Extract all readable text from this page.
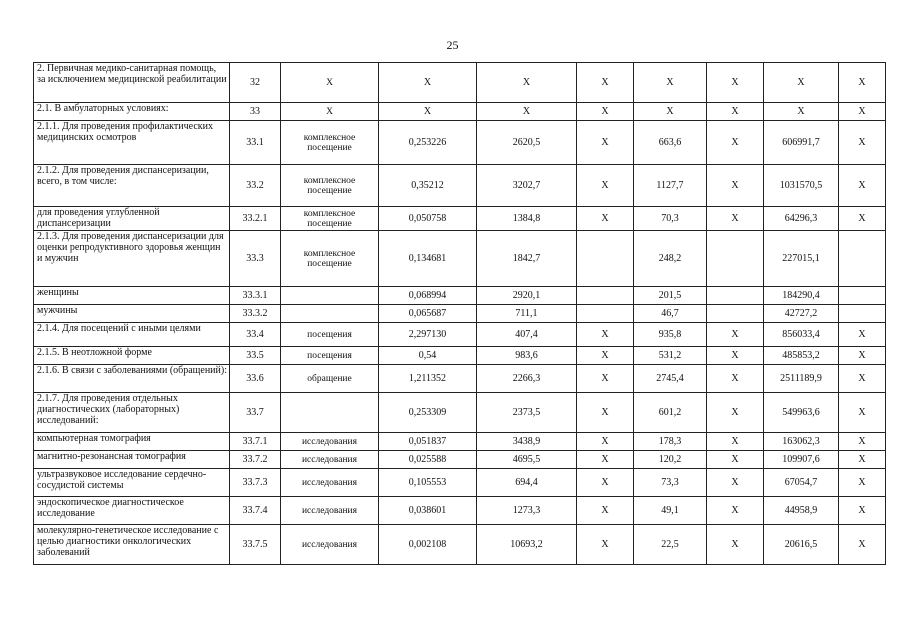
25
2. Первичная медико-санитарная помощь, за исключением медицинской реабилитации	32	Х	Х	Х	Х	Х	Х	Х	Х
2.1. В амбулаторных условиях:	33	Х	Х	Х	Х	Х	Х	Х	Х
2.1.1. Для проведения профилактических медицинских осмотров	33.1	комплексное посещение	0,253226	2620,5	Х	663,6	Х	606991,7	Х
2.1.2. Для проведения диспансеризации, всего, в том числе:	33.2	комплексное посещение	0,35212	3202,7	Х	1127,7	Х	1031570,5	Х
для проведения углубленной диспансеризации	33.2.1	комплексное посещение	0,050758	1384,8	Х	70,3	Х	64296,3	Х
2.1.3. Для проведения диспансеризации для оценки репродуктивного здоровья женщин и мужчин	33.3	комплексное посещение	0,134681	1842,7		248,2		227015,1	
женщины	33.3.1		0,068994	2920,1		201,5		184290,4	
мужчины	33.3.2		0,065687	711,1		46,7		42727,2	
2.1.4. Для посещений с иными целями	33.4	посещения	2,297130	407,4	Х	935,8	Х	856033,4	Х
2.1.5. В неотложной форме	33.5	посещения	0,54	983,6	Х	531,2	Х	485853,2	Х
2.1.6. В связи с заболеваниями (обращений):	33.6	обращение	1,211352	2266,3	Х	2745,4	Х	2511189,9	Х
2.1.7. Для проведения отдельных диагностических (лабораторных) исследований:	33.7		0,253309	2373,5	Х	601,2	Х	549963,6	Х
компьютерная томография	33.7.1	исследования	0,051837	3438,9	Х	178,3	Х	163062,3	Х
магнитно-резонансная томография	33.7.2	исследования	0,025588	4695,5	Х	120,2	Х	109907,6	Х
ультразвуковое исследование сердечно-сосудистой системы	33.7.3	исследования	0,105553	694,4	Х	73,3	Х	67054,7	Х
эндоскопическое диагностическое исследование	33.7.4	исследования	0,038601	1273,3	Х	49,1	Х	44958,9	Х
молекулярно-генетическое исследование с целью диагностики онкологических заболеваний	33.7.5	исследования	0,002108	10693,2	Х	22,5	Х	20616,5	Х
